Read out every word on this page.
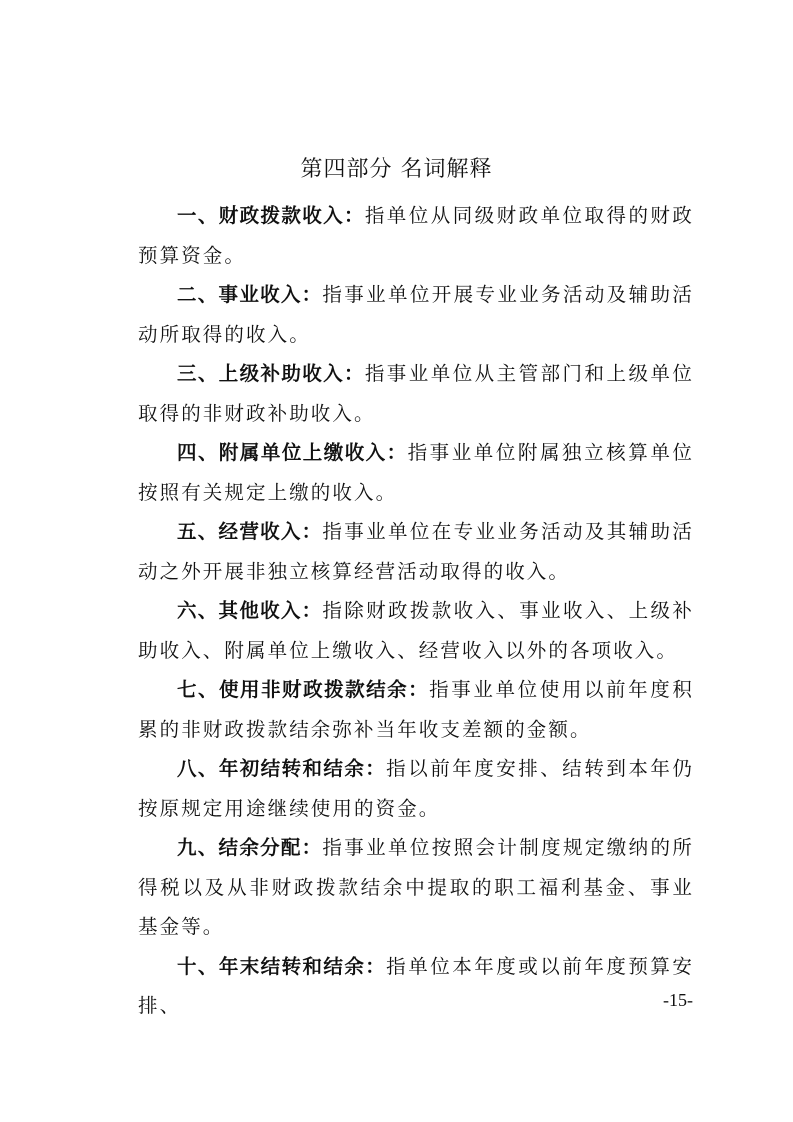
第四部分 名词解释

一、财政拨款收入：指单位从同级财政单位取得的财政预算资金。

二、事业收入：指事业单位开展专业业务活动及辅助活动所取得的收入。

三、上级补助收入：指事业单位从主管部门和上级单位取得的非财政补助收入。

四、附属单位上缴收入：指事业单位附属独立核算单位按照有关规定上缴的收入。

五、经营收入：指事业单位在专业业务活动及其辅助活动之外开展非独立核算经营活动取得的收入。

六、其他收入：指除财政拨款收入、事业收入、上级补助收入、附属单位上缴收入、经营收入以外的各项收入。

七、使用非财政拨款结余：指事业单位使用以前年度积累的非财政拨款结余弥补当年收支差额的金额。

八、年初结转和结余：指以前年度安排、结转到本年仍按原规定用途继续使用的资金。

九、结余分配：指事业单位按照会计制度规定缴纳的所得税以及从非财政拨款结余中提取的职工福利基金、事业基金等。

十、年末结转和结余：指单位本年度或以前年度预算安排、	-15-
